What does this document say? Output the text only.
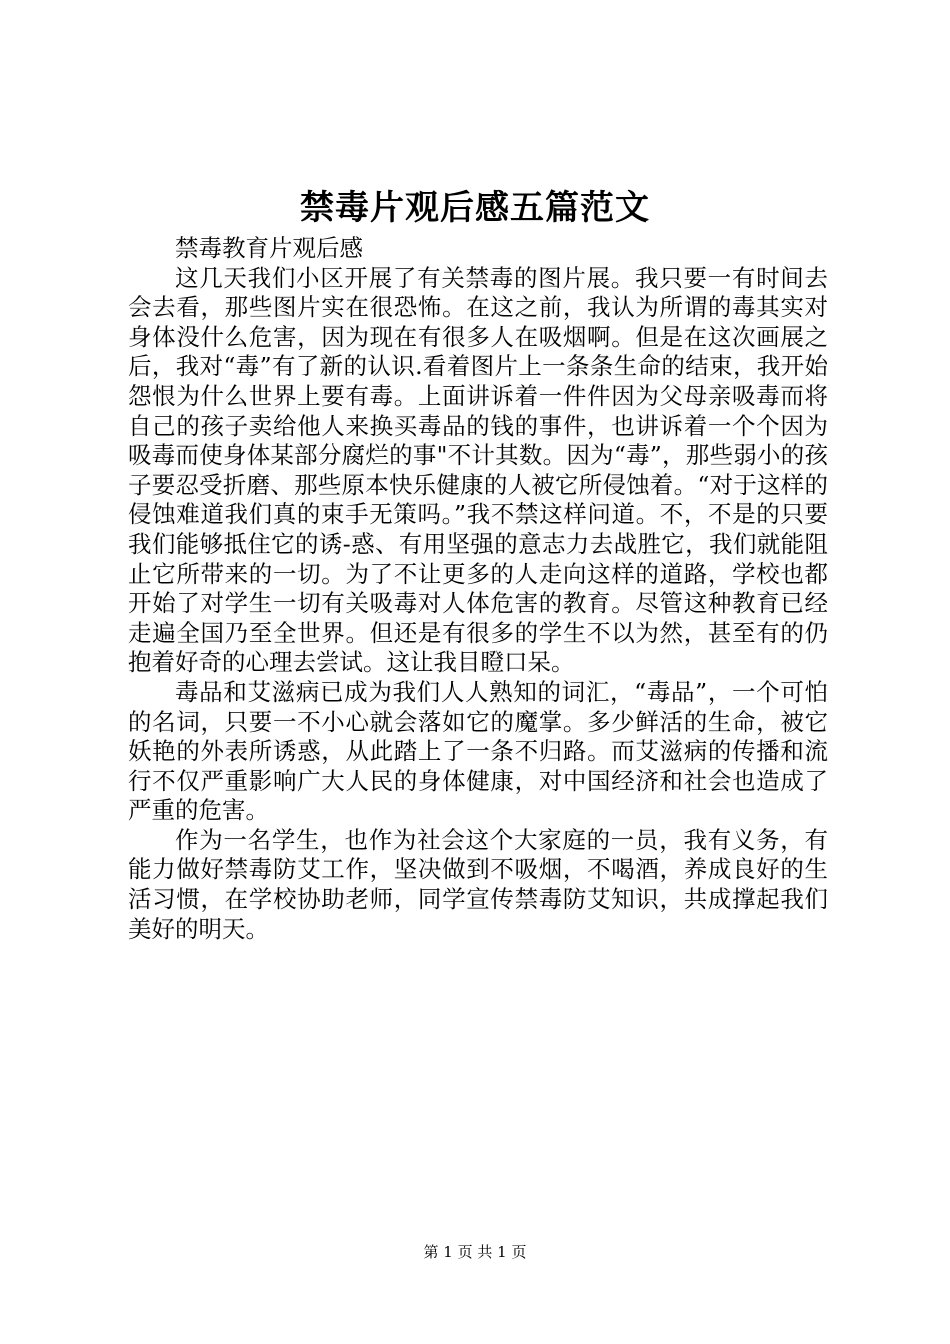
禁毒片观后感五篇范文

禁毒教育片观后感

这几天我们小区开展了有关禁毒的图片展。我只要一有时间去会去看，那些图片实在很恐怖。在这之前，我认为所谓的毒其实对身体没什么危害，因为现在有很多人在吸烟啊。但是在这次画展之后，我对“毒”有了新的认识.看着图片上一条条生命的结束，我开始怨恨为什么世界上要有毒。上面讲诉着一件件因为父母亲吸毒而将自己的孩子卖给他人来换买毒品的钱的事件，也讲诉着一个个因为吸毒而使身体某部分腐烂的事"不计其数。因为“毒”，那些弱小的孩子要忍受折磨、那些原本快乐健康的人被它所侵蚀着。“对于这样的侵蚀难道我们真的束手无策吗。”我不禁这样问道。不，不是的只要我们能够抵住它的诱-惑、有用坚强的意志力去战胜它，我们就能阻止它所带来的一切。为了不让更多的人走向这样的道路，学校也都开始了对学生一切有关吸毒对人体危害的教育。尽管这种教育已经走遍全国乃至全世界。但还是有很多的学生不以为然，甚至有的仍抱着好奇的心理去尝试。这让我目瞪口呆。

毒品和艾滋病已成为我们人人熟知的词汇，“毒品”，一个可怕的名词，只要一不小心就会落如它的魔掌。多少鲜活的生命，被它妖艳的外表所诱惑，从此踏上了一条不归路。而艾滋病的传播和流行不仅严重影响广大人民的身体健康，对中国经济和社会也造成了严重的危害。

作为一名学生，也作为社会这个大家庭的一员，我有义务，有能力做好禁毒防艾工作，坚决做到不吸烟，不喝酒，养成良好的生活习惯，在学校协助老师，同学宣传禁毒防艾知识，共成撑起我们美好的明天。

第 1 页 共 1 页
